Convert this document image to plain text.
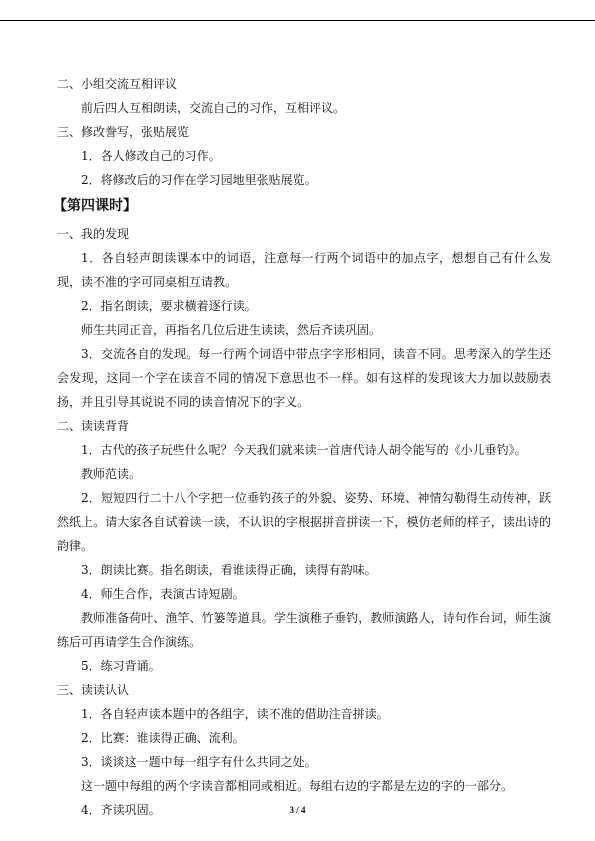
二、小组交流互相评议
前后四人互相朗读，交流自己的习作，互相评议。
三、修改誊写，张贴展览
1．各人修改自己的习作。
2．将修改后的习作在学习园地里张贴展览。
【第四课时】
一、我的发现
1．各自轻声朗读课本中的词语，注意每一行两个词语中的加点字，想想自己有什么发现，读不准的字可同桌相互请教。
2．指名朗读，要求横着逐行读。
师生共同正音，再指名几位后进生读读，然后齐读巩固。
3．交流各自的发现。每一行两个词语中带点字字形相同，读音不同。思考深入的学生还会发现，这同一个字在读音不同的情况下意思也不一样。如有这样的发现该大力加以鼓励表扬，并且引导其说说不同的读音情况下的字义。
二、读读背背
1．古代的孩子玩些什么呢？今天我们就来读一首唐代诗人胡令能写的《小儿垂钓》。
教师范读。
2．短短四行二十八个字把一位垂钓孩子的外貌、姿势、环境、神情勾勒得生动传神，跃然纸上。请大家各自试着读一读，不认识的字根据拼音拼读一下，模仿老师的样子，读出诗的韵律。
3．朗读比赛。指名朗读，看谁读得正确，读得有韵味。
4．师生合作，表演古诗短剧。
教师准备荷叶、渔竿、竹篓等道具。学生演稚子垂钓，教师演路人，诗句作台词，师生演练后可再请学生合作演练。
5．练习背诵。
三、读读认认
1．各自轻声读本题中的各组字，读不准的借助注音拼读。
2．比赛：谁读得正确、流利。
3．谈谈这一题中每一组字有什么共同之处。
这一题中每组的两个字读音都相同或相近。每组右边的字都是左边的字的一部分。
4．齐读巩固。	3 / 4
